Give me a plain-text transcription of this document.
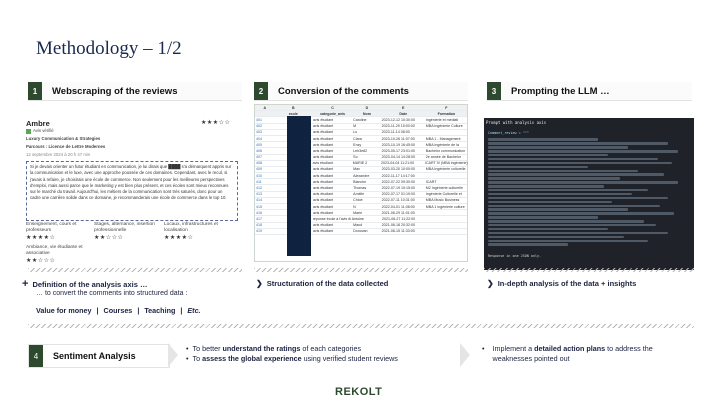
Methodology – 1/2
1	Webscraping of the reviews	2	Conversion of the comments	3	Prompting the LLM …
Ambre	★★★☆☆
Avis vérifié
Luxury Communication & Strategies
Parcours : Licence de Lettre Modernes
12 septembre 2024 à 20 h 47 min
Si je devais orienter un futur étudiant en communication, je lui dirais que ████ s'a démarquent appris sur la communication et le luxe, avec une approche poussée de ces domaines. Cependant, avec le recul, si j'avais à refaire, je choisirais une école de commerce. Non seulement pour les meilleures perspectives d'emploi, mais aussi parce que le marketing y est bien plus présent, et ces écoles sont mieux reconnues sur le marché du travail. Aujourd'hui, les métiers de la communication sont très saturés, donc pour un cadre une carrière solide dans ce domaine, je recommanderais une école de commerce dans le top 10.
Enseignement, cours et professeurs
★★★★☆
Stages, alternance, insertion professionnelle
★★☆☆☆
Locaux, infrastructures et localisation
★★★★☆
Ambiance, vie étudiante et associative
★★☆☆☆
A	B	C	D	E	F
ecole	categorie_avis	Nom	Date	Formation
401	avis étudiant	Caroline	2023-12-12 10:30:00	Ingénierie et médiati
402	avis étudiant	M	2023-11-29 15:00:00	MBA Ingénierie Culture
403	avis étudiant	Lu	2023-11-14 08:00
404	avis étudiant	Clara	2023-10-26 11:07:00	MBA 1 - Management
405	avis étudiant	Enzy	2023-10-19 16:45:00	MBA Ingénierie de la
406	avis étudiant	Leh3e82	2023-05-17 23:01:00	Bachelor communication
407	avis étudiant	So	2023-04-14 14:28:00	2e année de Bachelor
408	avis étudiant	MARIE 2	2023-04-04 11:21:00	ICART IV (MBA ingénierie)
409	avis étudiant	Max	2023-03-20 10:00:00	MBA Ingénierie culturelle
410	avis étudiant	Alexandre	2022-11-17 14:17:00
411	avis étudiant	Blanche	2022-07-22 09:30:00	ICART
412	avis étudiant	Thomas	2022-07-19 19:15:00	M2 Ingénierie culturelle
413	avis étudiant	Amélie	2022-07-17 01:19:00	Ingénierie Culturelle et
414	avis étudiant	Chloé	2022-07-11 10:31:00	MBA Music Business
415	avis étudiant	N	2022-04-01 11:08:00	MBA 1 ingénierie culture
416	avis étudiant	Marie	2021-06-29 11:01:00
417	réponse école à l'avis di Antoine	2021-06-27 11:22:00
418	avis étudiant	Maud	2021-06-18 20:32:00
419	avis étudiant	Donovan	2021-06-15 11:33:00
Prompt with analysis axis
Comment_review = """
Response in one JSON only.
+ Definition of the analysis axis …
… to convert the comments into structured data :
Value for money | Courses | Teaching | Etc.
❯ Structuration of the data collected	❯ In-depth analysis of the data + insights
4	Sentiment Analysis
•  To better understand the ratings of each categories
•  To assess the global experience using verified student reviews
• Implement a detailed action plans to address the weaknesses pointed out
REKOLT
